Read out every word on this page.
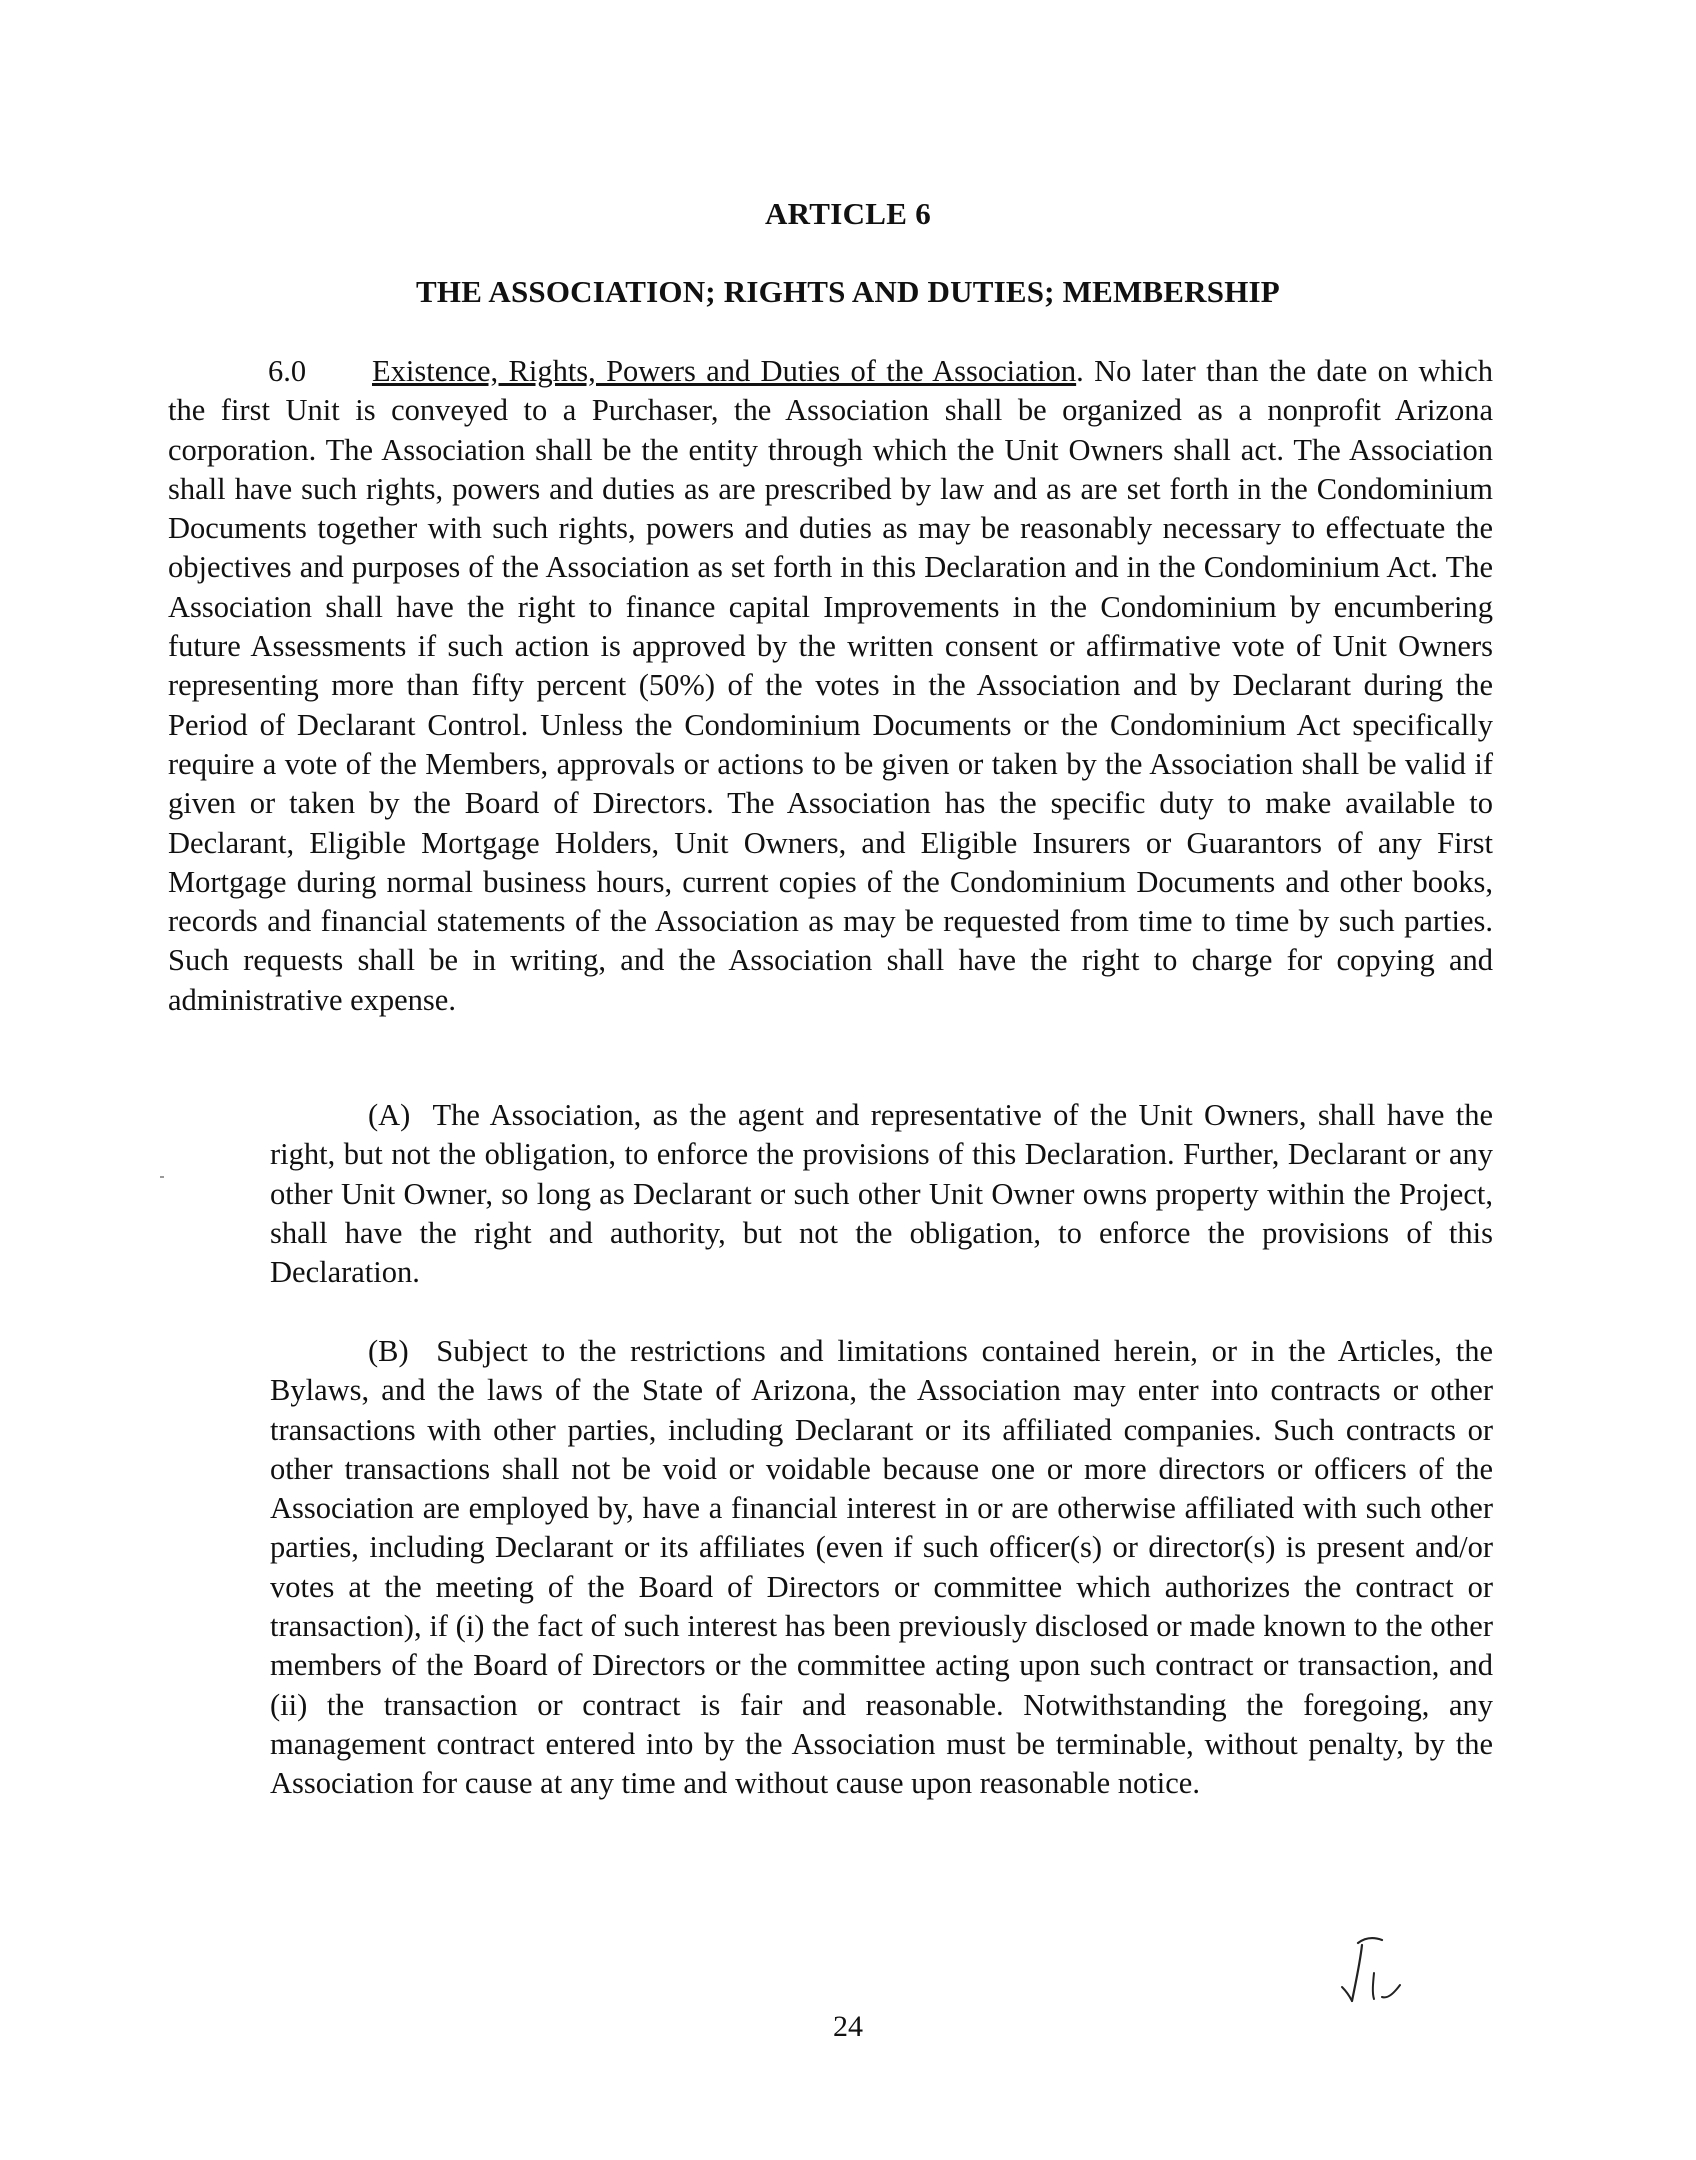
ARTICLE 6
THE ASSOCIATION; RIGHTS AND DUTIES; MEMBERSHIP

6.0 Existence, Rights, Powers and Duties of the Association. No later than the date on which the first Unit is conveyed to a Purchaser, the Association shall be organized as a nonprofit Arizona corporation. The Association shall be the entity through which the Unit Owners shall act. The Association shall have such rights, powers and duties as are prescribed by law and as are set forth in the Condominium Documents together with such rights, powers and duties as may be reasonably necessary to effectuate the objectives and purposes of the Association as set forth in this Declaration and in the Condominium Act. The Association shall have the right to finance capital Improvements in the Condominium by encumbering future Assessments if such action is approved by the written consent or affirmative vote of Unit Owners representing more than fifty percent (50%) of the votes in the Association and by Declarant during the Period of Declarant Control. Unless the Condominium Documents or the Condominium Act specifically require a vote of the Members, approvals or actions to be given or taken by the Association shall be valid if given or taken by the Board of Directors. The Association has the specific duty to make available to Declarant, Eligible Mortgage Holders, Unit Owners, and Eligible Insurers or Guarantors of any First Mortgage during normal business hours, current copies of the Condominium Documents and other books, records and financial statements of the Association as may be requested from time to time by such parties. Such requests shall be in writing, and the Association shall have the right to charge for copying and administrative expense.

(A) The Association, as the agent and representative of the Unit Owners, shall have the right, but not the obligation, to enforce the provisions of this Declaration. Further, Declarant or any other Unit Owner, so long as Declarant or such other Unit Owner owns property within the Project, shall have the right and authority, but not the obligation, to enforce the provisions of this Declaration.

(B) Subject to the restrictions and limitations contained herein, or in the Articles, the Bylaws, and the laws of the State of Arizona, the Association may enter into contracts or other transactions with other parties, including Declarant or its affiliated companies. Such contracts or other transactions shall not be void or voidable because one or more directors or officers of the Association are employed by, have a financial interest in or are otherwise affiliated with such other parties, including Declarant or its affiliates (even if such officer(s) or director(s) is present and/or votes at the meeting of the Board of Directors or committee which authorizes the contract or transaction), if (i) the fact of such interest has been previously disclosed or made known to the other members of the Board of Directors or the committee acting upon such contract or transaction, and (ii) the transaction or contract is fair and reasonable. Notwithstanding the foregoing, any management contract entered into by the Association must be terminable, without penalty, by the Association for cause at any time and without cause upon reasonable notice.

24
